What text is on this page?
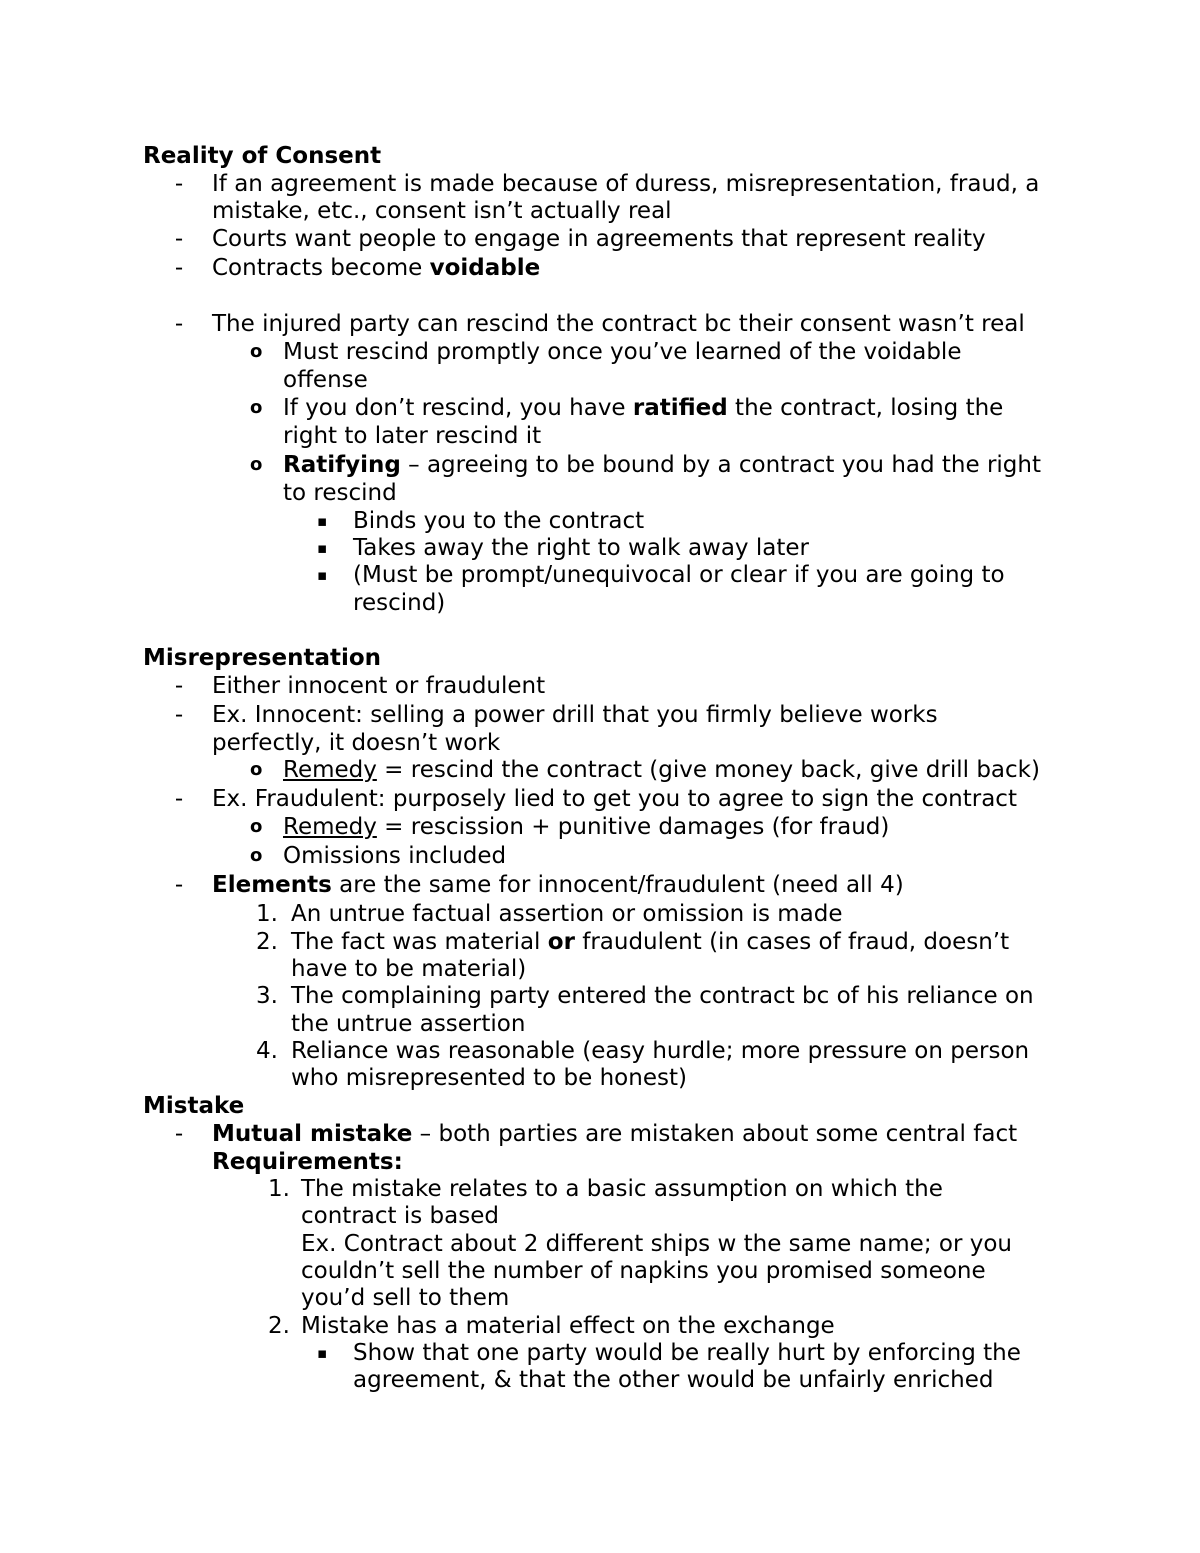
Reality of Consent
- If an agreement is made because of duress, misrepresentation, fraud, a
mistake, etc., consent isn’t actually real
- Courts want people to engage in agreements that represent reality
- Contracts become voidable
- The injured party can rescind the contract bc their consent wasn’t real
o Must rescind promptly once you’ve learned of the voidable
offense
o If you don’t rescind, you have ratified the contract, losing the
right to later rescind it
o Ratifying – agreeing to be bound by a contract you had the right
to rescind
▪ Binds you to the contract
▪ Takes away the right to walk away later
▪ (Must be prompt/unequivocal or clear if you are going to
rescind)
Misrepresentation
- Either innocent or fraudulent
- Ex. Innocent: selling a power drill that you firmly believe works
perfectly, it doesn’t work
o Remedy = rescind the contract (give money back, give drill back)
- Ex. Fraudulent: purposely lied to get you to agree to sign the contract
o Remedy = rescission + punitive damages (for fraud)
o Omissions included
- Elements are the same for innocent/fraudulent (need all 4)
1. An untrue factual assertion or omission is made
2. The fact was material or fraudulent (in cases of fraud, doesn’t
have to be material)
3. The complaining party entered the contract bc of his reliance on
the untrue assertion
4. Reliance was reasonable (easy hurdle; more pressure on person
who misrepresented to be honest)
Mistake
- Mutual mistake – both parties are mistaken about some central fact
Requirements:
1. The mistake relates to a basic assumption on which the
contract is based
Ex. Contract about 2 different ships w the same name; or you
couldn’t sell the number of napkins you promised someone
you’d sell to them
2. Mistake has a material effect on the exchange
▪ Show that one party would be really hurt by enforcing the
agreement, & that the other would be unfairly enriched
